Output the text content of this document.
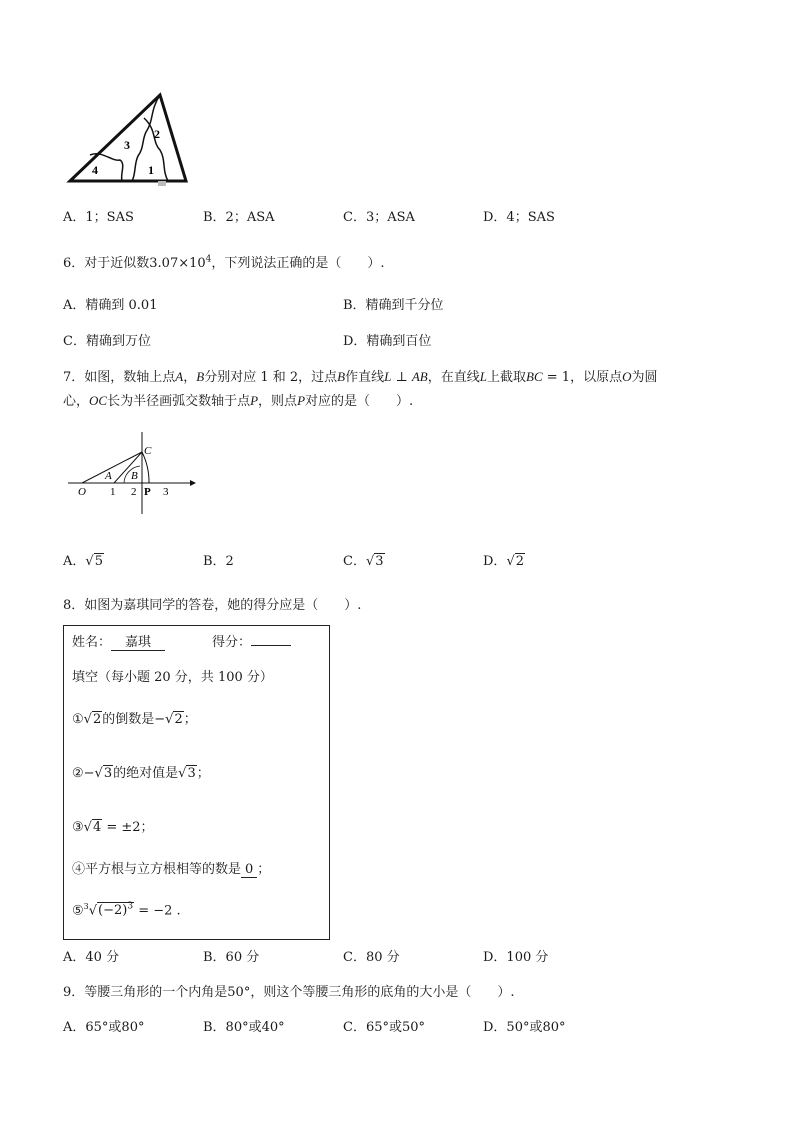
3
2
1
4
A．1；SAS	B．2；ASA	C．3；ASA	D．4；SAS
6．对于近似数$3.07\times 10^4$，下列说法正确的是（　　）.
A．精确到 0.01	B．精确到千分位
C．精确到万位	D．精确到百位
7．如图，数轴上点A，B分别对应 1 和 2，过点B作直线L ⊥ AB，在直线L上截取BC = 1，以原点O为圆
心，OC长为半径画弧交数轴于点P，则点P对应的是（　　）.
C
A B
O 1 2 P 3
A．√5	B．2	C．√3	D．√2
8．如图为嘉琪同学的答卷，她的得分应是（　　）.
姓名： 嘉琪	得分：
填空（每小题 20 分，共 100 分）
①√2的倒数是−√2；
②−√3的绝对值是√3；
③√4 = ±2；
④平方根与立方根相等的数是 0 ；
$⑤^3√(-2)^3 = -2$ .
A．40 分	B．60 分	C．80 分	D．100 分
9．等腰三角形的一个内角是50°，则这个等腰三角形的底角的大小是（　　）.
A．65°或80°	B．80°或40°	C．65°或50°	D．50°或80°
